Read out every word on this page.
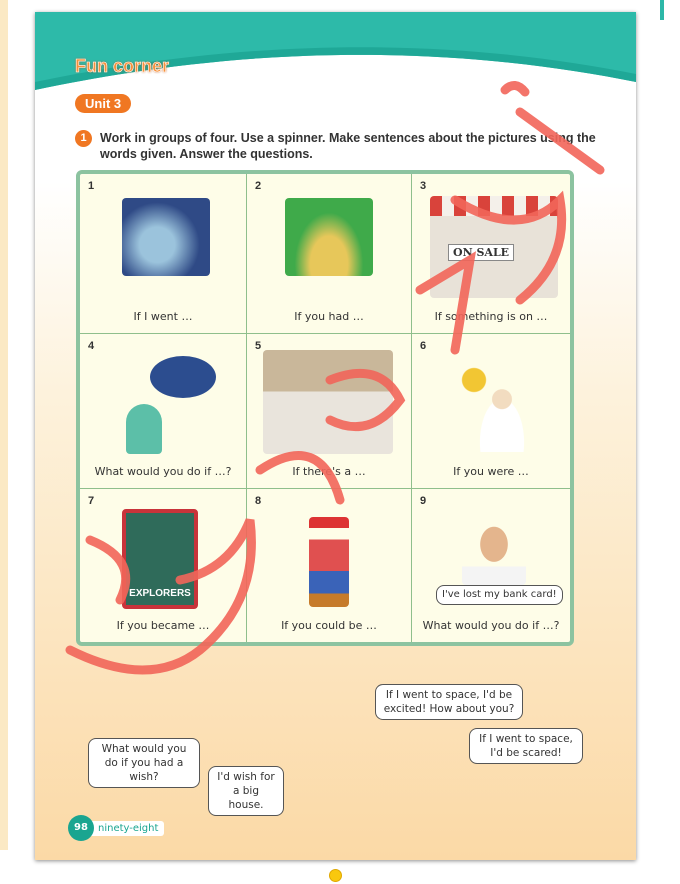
Fun corner
Unit 3
1	Work in groups of four. Use a spinner. Make sentences about the pictures using the words given. Answer the questions.
1
If I went …
2
If you had …
3
ON SALE
If something is on …
4
What would you do if …?
5
If there's a …
6
If you were …
7
EXPLORERS
If you became …
8
If you could be …
9
I've lost my bank card!
What would you do if …?
If I went to space, I'd be excited! How about you?
If I went to space, I'd be scared!
What would you do if you had a wish?	I'd wish for a big house.
98	ninety-eight
